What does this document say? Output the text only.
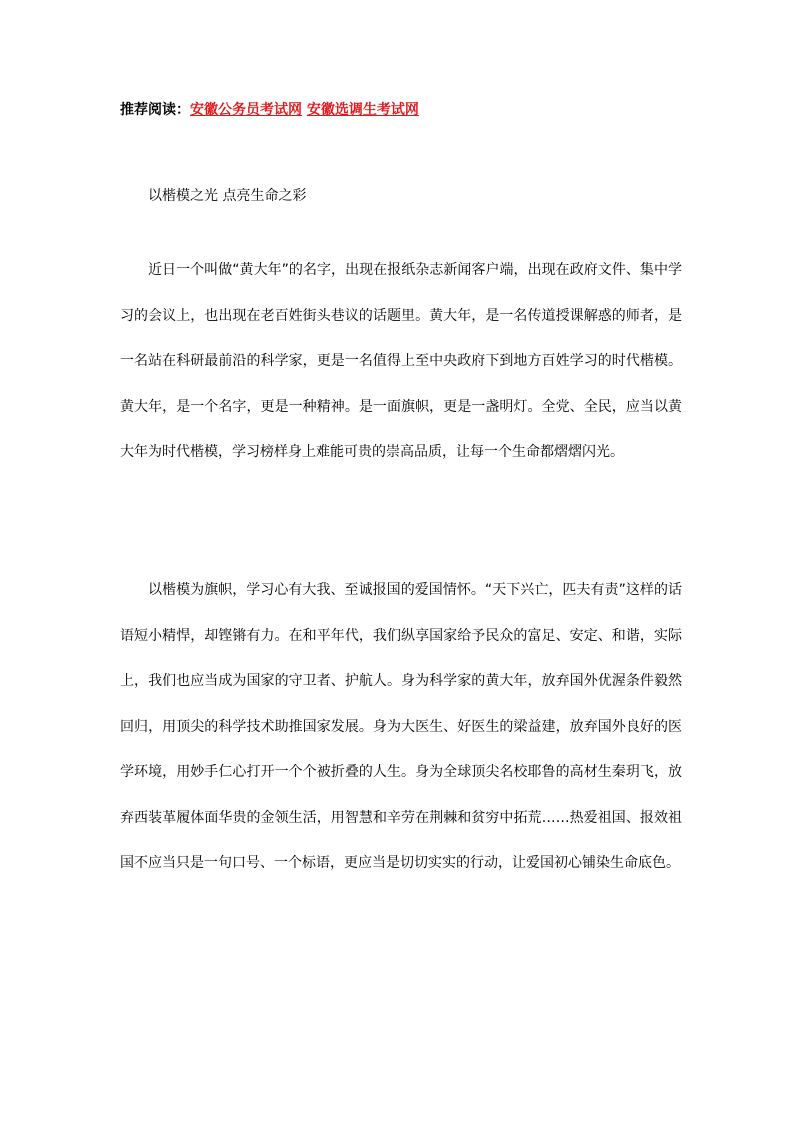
推荐阅读：安徽公务员考试网 安徽选调生考试网
以楷模之光 点亮生命之彩

近日一个叫做“黄大年”的名字，出现在报纸杂志新闻客户端，出现在政府文件、集中学习的会议上，也出现在老百姓街头巷议的话题里。黄大年，是一名传道授课解惑的师者，是一名站在科研最前沿的科学家，更是一名值得上至中央政府下到地方百姓学习的时代楷模。黄大年，是一个名字，更是一种精神。是一面旗帜，更是一盏明灯。全党、全民，应当以黄大年为时代楷模，学习榜样身上难能可贵的崇高品质，让每一个生命都熠熠闪光。

以楷模为旗帜，学习心有大我、至诚报国的爱国情怀。“天下兴亡，匹夫有责”这样的话语短小精悍，却铿锵有力。在和平年代，我们纵享国家给予民众的富足、安定、和谐，实际上，我们也应当成为国家的守卫者、护航人。身为科学家的黄大年，放弃国外优渥条件毅然回归，用顶尖的科学技术助推国家发展。身为大医生、好医生的梁益建，放弃国外良好的医学环境，用妙手仁心打开一个个被折叠的人生。身为全球顶尖名校耶鲁的高材生秦玥飞，放弃西装革履体面华贵的金领生活，用智慧和辛劳在荆棘和贫穷中拓荒……热爱祖国、报效祖国不应当只是一句口号、一个标语，更应当是切切实实的行动，让爱国初心铺染生命底色。
